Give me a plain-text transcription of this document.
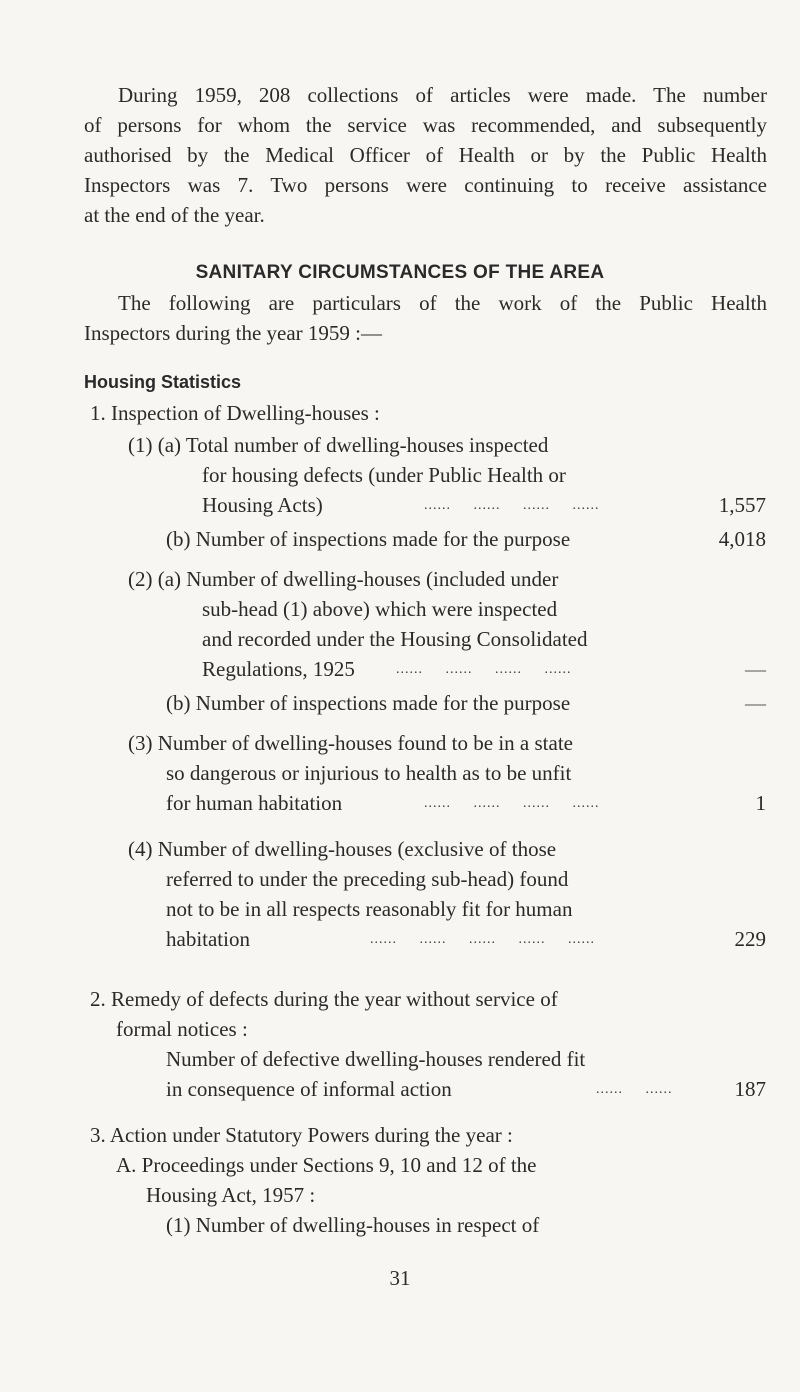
During 1959, 208 collections of articles were made. The number
of persons for whom the service was recommended, and subsequently
authorised by the Medical Officer of Health or by the Public Health
Inspectors was 7. Two persons were continuing to receive assistance
at the end of the year.
SANITARY CIRCUMSTANCES OF THE AREA
The following are particulars of the work of the Public Health
Inspectors during the year 1959 :—
Housing Statistics
1. Inspection of Dwelling-houses :
(1) (a) Total number of dwelling-houses inspected
for housing defects (under Public Health or
Housing Acts)	......     ......     ......     ......	1,557
(b) Number of inspections made for the purpose	4,018
(2) (a) Number of dwelling-houses (included under
sub-head (1) above) which were inspected
and recorded under the Housing Consolidated
Regulations, 1925	......     ......     ......     ......	—
(b) Number of inspections made for the purpose	—
(3) Number of dwelling-houses found to be in a state
so dangerous or injurious to health as to be unfit
for human habitation	......     ......     ......     ......	1
(4) Number of dwelling-houses (exclusive of those
referred to under the preceding sub-head) found
not to be in all respects reasonably fit for human
habitation	......     ......     ......     ......     ......	229
2. Remedy of defects during the year without service of
formal notices :
Number of defective dwelling-houses rendered fit
in consequence of informal action	......     ......	187
3. Action under Statutory Powers during the year :
A. Proceedings under Sections 9, 10 and 12 of the
Housing Act, 1957 :
(1) Number of dwelling-houses in respect of
31
